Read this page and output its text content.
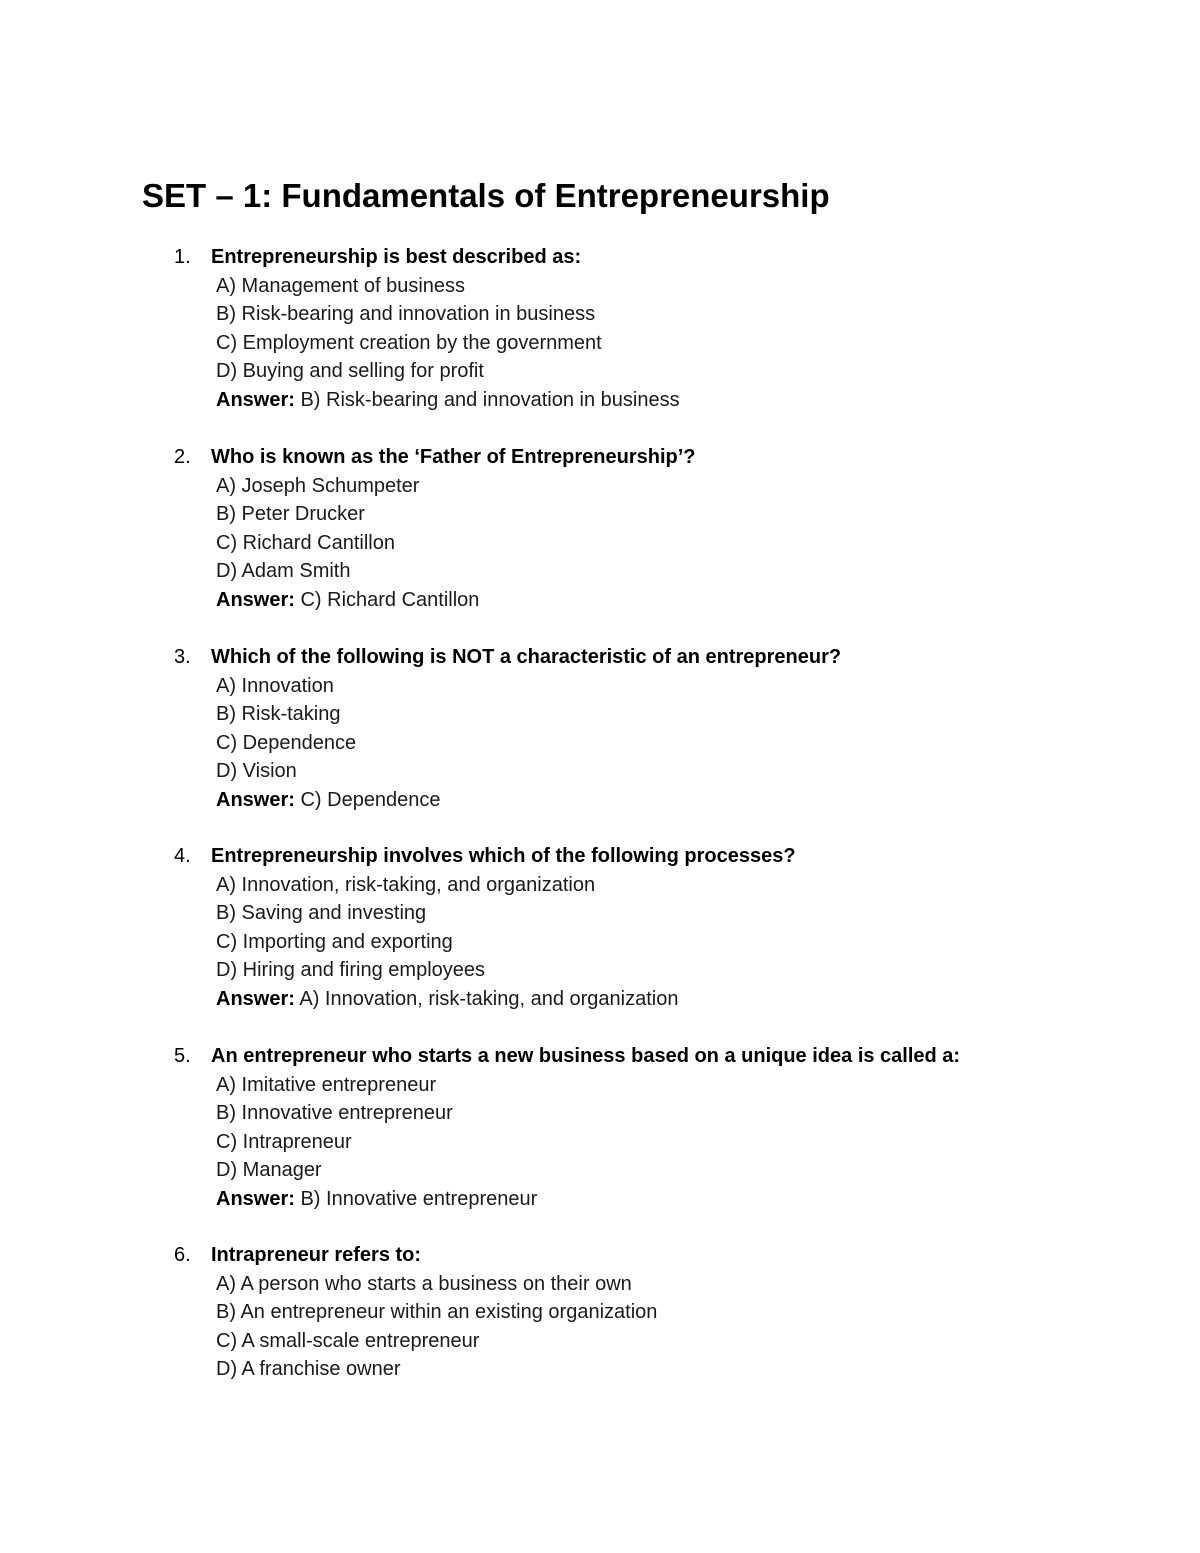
SET – 1: Fundamentals of Entrepreneurship
1. Entrepreneurship is best described as:
A) Management of business
B) Risk-bearing and innovation in business
C) Employment creation by the government
D) Buying and selling for profit
Answer: B) Risk-bearing and innovation in business
2. Who is known as the ‘Father of Entrepreneurship’?
A) Joseph Schumpeter
B) Peter Drucker
C) Richard Cantillon
D) Adam Smith
Answer: C) Richard Cantillon
3. Which of the following is NOT a characteristic of an entrepreneur?
A) Innovation
B) Risk-taking
C) Dependence
D) Vision
Answer: C) Dependence
4. Entrepreneurship involves which of the following processes?
A) Innovation, risk-taking, and organization
B) Saving and investing
C) Importing and exporting
D) Hiring and firing employees
Answer: A) Innovation, risk-taking, and organization
5. An entrepreneur who starts a new business based on a unique idea is called a:
A) Imitative entrepreneur
B) Innovative entrepreneur
C) Intrapreneur
D) Manager
Answer: B) Innovative entrepreneur
6. Intrapreneur refers to:
A) A person who starts a business on their own
B) An entrepreneur within an existing organization
C) A small-scale entrepreneur
D) A franchise owner
